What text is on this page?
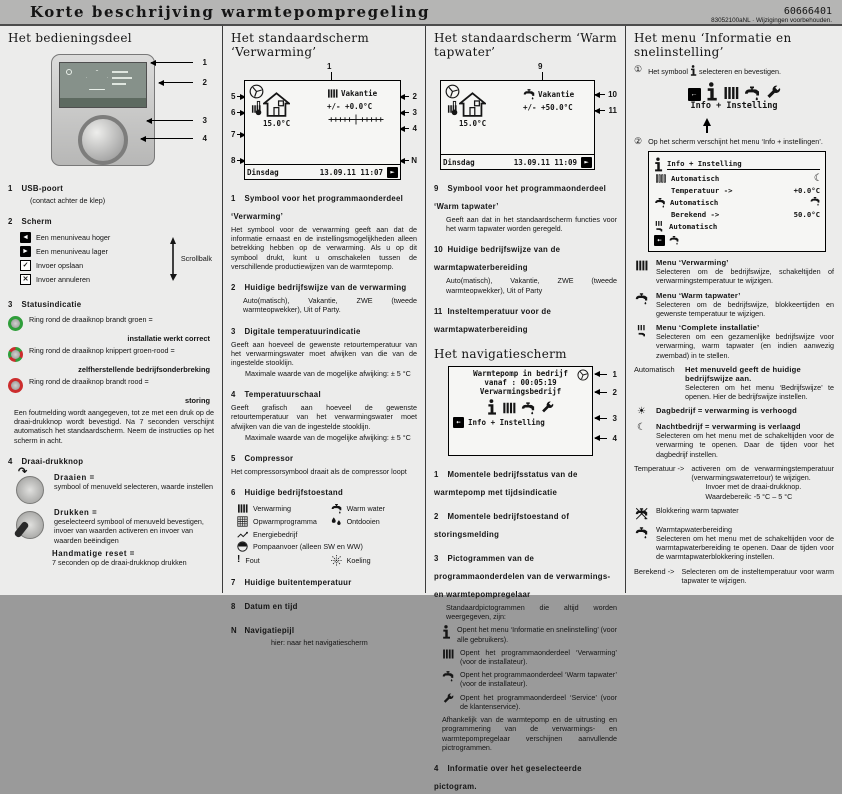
Korte beschrijving warmtepompregeling	60666401
83052100aNL · Wijzigingen voorbehouden.
Het bedieningsdeel
1
2
3
4
1 USB-poort
(contact achter de klep)
2 Scherm
◄ Een menuniveau hoger
► Een menuniveau lager
✓	Invoer opslaan
✕	Invoer annuleren
Scrollbalk
3 Statusindicatie
Ring rond de draaiknop brandt groen =
installatie werkt correct
Ring rond de draaiknop knippert groen-rood =
zelfherstellende bedrijfsonderbreking
Ring rond de draaiknop brandt rood =
storing
Een foutmelding wordt aangegeven, tot ze met een druk op de draai-drukknop wordt bevestigd. Na 7 seconden verschijnt automatisch het standaardscherm. Neem de instructies op het scherm in acht.
4 Draai-drukknop
↷	Draaien =
symbool of menuveld selecteren, waarde instellen
Drukken =
geselecteerd symbool of menuveld bevestigen, invoer van waarden activeren en invoer van waarden beëindigen
Handmatige reset =
7 seconden op de draai-drukknop drukken
Het standaardscherm ‘Verwarming’
1
5
6
7
8
2
3
4
N
15.0°C
Vakantie
+/- +0.0°C
Dinsdag	13.09.11 11:07	►
1 Symbool voor het programmaonderdeel ‘Verwarming’
Het symbool voor de verwarming geeft aan dat de informatie ernaast en de instellingsmogelijkheden alleen betrekking hebben op de verwarming. Als u op dit symbool drukt, kunt u omschakelen tussen de verschillende productiewijzen van de warmtepomp.
2 Huidige bedrijfswijze van de verwarming
Auto(matisch), Vakantie, ZWE (tweede warmteopwekker), Uit of Party.
3 Digitale temperatuurindicatie
Geeft aan hoeveel de gewenste retourtemperatuur van het verwarmingswater moet afwijken van die van de ingestelde stooklijn.
Maximale waarde van de mogelijke afwijking: ± 5 °C
4 Temperatuurschaal
Geeft grafisch aan hoeveel de gewenste retourtemperatuur van het verwarmingswater moet afwijken van die van de ingestelde stooklijn.
Maximale waarde van de mogelijke afwijking: ± 5 °C
5 Compressor
Het compressorsymbool draait als de compressor loopt
6 Huidige bedrijfstoestand
Verwarming	Warm water
Opwarmprogramma	Ontdooien
Energiebedrijf
Pompaanvoer (alleen SW en WW)
! Fout	Koeling
7 Huidige buitentemperatuur
8 Datum en tijd
N Navigatiepijl
hier: naar het navigatiescherm
Het standaardscherm ‘Warm tapwater’
9
10
11
15.0°C
Vakantie
+/- +50.0°C
Dinsdag	13.09.11 11:09	►
9 Symbool voor het programmaonderdeel ‘Warm tapwater’
Geeft aan dat in het standaardscherm functies voor het warm tapwater worden geregeld.
10 Huidige bedrijfswijze van de warmtapwaterbereiding
Auto(matisch), Vakantie, ZWE (tweede warmteopwekker), Uit of Party
11 Insteltemperatuur voor de warmtapwaterbereiding
Het navigatiescherm
1
2
3
4
Warmtepomp in bedrijf
vanaf : 00:05:19
Verwarmingsbedrijf
← Info + Instelling
1 Momentele bedrijfsstatus van de warmtepomp met tijdsindicatie
2 Momentele bedrijfstoestand of storingsmelding
3 Pictogrammen van de programmaonderdelen van de verwarmings- en warmtepompregelaar
Standaardpictogrammen die altijd worden weergegeven, zijn:
Opent het menu ‘Informatie en snelinstelling’ (voor alle gebruikers).
Opent het programmaonderdeel ‘Verwarming’ (voor de installateur).
Opent het programmaonderdeel ‘Warm tapwater’ (voor de installateur).
Opent het programmaonderdeel ‘Service’ (voor de klantenservice).
Afhankelijk van de warmtepomp en de uitrusting en programmering van de verwarmings- en warmtepompregelaar verschijnen aanvullende pictrogrammen.
4 Informatie over het geselecteerde pictogram.
Het menu ‘Informatie en snelinstelling’
① Het symbool selecteren en bevestigen.
←
Info + Instelling
② Op het scherm verschijnt het menu ‘Info + instellingen’.
Info + Instelling
Automatisch	☾
Temperatuur ->	+0.0°C
Automatisch
Berekend ->	50.0°C
Automatisch
←
Menu ‘Verwarming’
Selecteren om de bedrijfswijze, schakeltijden of verwarmingstemperatuur te wijzigen.
Menu ‘Warm tapwater’
Selecteren om de bedrijfswijze, blokkeertijden en gewenste temperatuur te wijzigen.
Menu ‘Complete installatie’
Selecteren om een gezamenlijke bedrijfswijze voor verwarming, warm tapwater (en indien aanwezig zwembad) in te stellen.
Automatisch	Het menuveld geeft de huidige bedrijfswijze aan.
Selecteren om het menu ‘Bedrijfswijze’ te openen. Hier de bedrijfswijze instellen.
☀	Dagbedrijf = verwarming is verhoogd
☾	Nachtbedrijf = verwarming is verlaagd
Selecteren om het menu met de schakeltijden voor de verwarming te openen. Daar de tijden voor het dagbedrijf instellen.
Temperatuur -> activeren om de verwarmingstemperatuur (verwarmingswaterretour) te wijzigen.
Invoer met de draai-drukknop.
Waardebereik: -5 °C – 5 °C
Blokkering warm tapwater
Warmtapwaterbereiding
Selecteren om het menu met de schakeltijden voor de warmtapwaterbereiding te openen. Daar de tijden voor de warmtapwaterblokkering instellen.
Berekend -> Selecteren om de insteltemperatuur voor warm tapwater te wijzigen.
